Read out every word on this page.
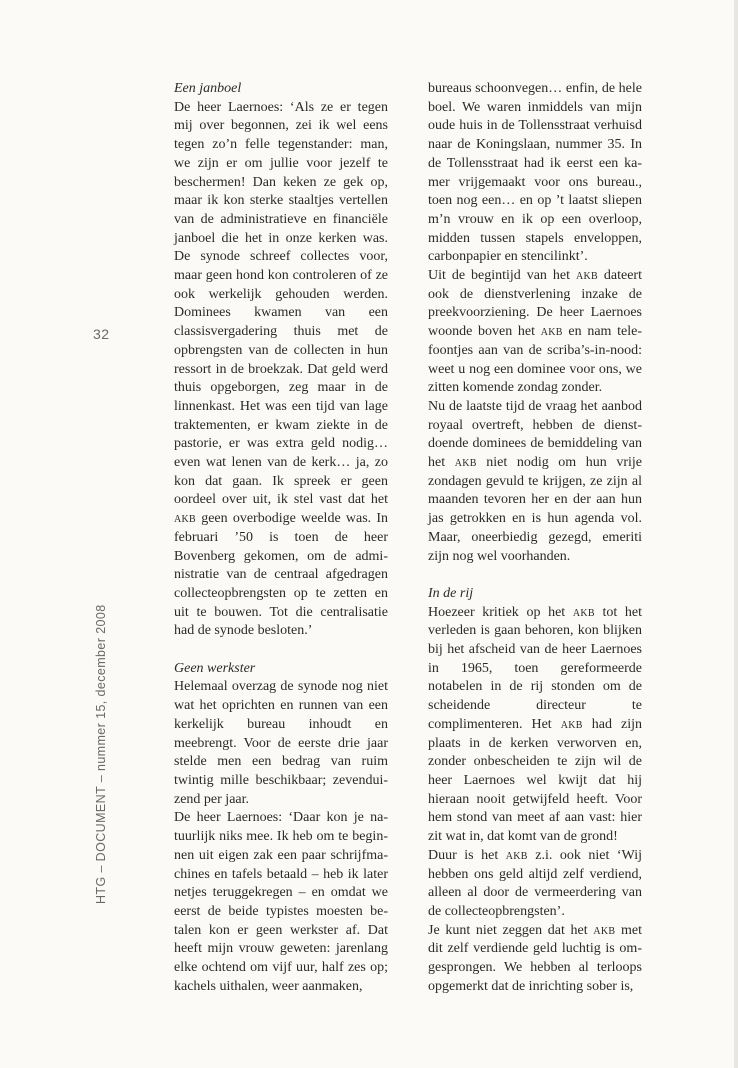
32
HTG – DOCUMENT – nummer 15, december 2008
Een janboel

De heer Laernoes: ‘Als ze er tegen mij over begonnen, zei ik wel eens tegen zo’n felle tegenstander: man, we zijn er om jullie voor jezelf te beschermen! Dan keken ze gek op, maar ik kon sterke staaltjes vertellen van de administratieve en financiële janboel die het in onze kerken was. De synode schreef collectes voor, maar geen hond kon controleren of ze ook werkelijk gehouden werden. Dominees kwamen van een classisvergadering thuis met de opbrengsten van de collecten in hun ressort in de broekzak. Dat geld werd thuis opgeborgen, zeg maar in de linnenkast. Het was een tijd van lage traktementen, er kwam ziekte in de pastorie, er was extra geld nodig… even wat lenen van de kerk… ja, zo kon dat gaan. Ik spreek er geen oordeel over uit, ik stel vast dat het akb geen overbodige weelde was. In februari ’50 is toen de heer Bovenberg gekomen, om de administratie van de centraal afgedragen collecteopbrengsten op te zetten en uit te bouwen. Tot die centralisatie had de synode besloten.’

Geen werkster

Helemaal overzag de synode nog niet wat het oprichten en runnen van een kerkelijk bureau inhoudt en meebrengt. Voor de eerste drie jaar stelde men een bedrag van ruim twintig mille beschikbaar; zevenduizend per jaar.

De heer Laernoes: ‘Daar kon je natuurlijk niks mee. Ik heb om te beginnen uit eigen zak een paar schrijfmachines en tafels betaald – heb ik later netjes teruggekregen – en omdat we eerst de beide typistes moesten betalen kon er geen werkster af. Dat heeft mijn vrouw geweten: jarenlang elke ochtend om vijf uur, half zes op; kachels uithalen, weer aanmaken,

bureaus schoonvegen… enfin, de hele boel. We waren inmiddels van mijn oude huis in de Tollensstraat verhuisd naar de Koningslaan, nummer 35. In de Tollensstraat had ik eerst een kamer vrijgemaakt voor ons bureau., toen nog een… en op ’t laatst sliepen m’n vrouw en ik op een overloop, midden tussen stapels enveloppen, carbonpapier en stencilinkt’.

Uit de begintijd van het akb dateert ook de dienstverlening inzake de preekvoorziening. De heer Laernoes woonde boven het akb en nam telefoontjes aan van de scriba’s-in-nood: weet u nog een dominee voor ons, we zitten komende zondag zonder.

Nu de laatste tijd de vraag het aanbod royaal overtreft, hebben de dienstdoende dominees de bemiddeling van het akb niet nodig om hun vrije zondagen gevuld te krijgen, ze zijn al maanden tevoren her en der aan hun jas getrokken en is hun agenda vol. Maar, oneerbiedig gezegd, emeriti zijn nog wel voorhanden.

In de rij

Hoezeer kritiek op het akb tot het verleden is gaan behoren, kon blijken bij het afscheid van de heer Laernoes in 1965, toen gereformeerde notabelen in de rij stonden om de scheidende directeur te complimenteren. Het akb had zijn plaats in de kerken verworven en, zonder onbescheiden te zijn wil de heer Laernoes wel kwijt dat hij hieraan nooit getwijfeld heeft. Voor hem stond van meet af aan vast: hier zit wat in, dat komt van de grond!

Duur is het akb z.i. ook niet ‘Wij hebben ons geld altijd zelf verdiend, alleen al door de vermeerdering van de collecteopbrengsten’.

Je kunt niet zeggen dat het akb met dit zelf verdiende geld luchtig is omgesprongen. We hebben al terloops opgemerkt dat de inrichting sober is,
